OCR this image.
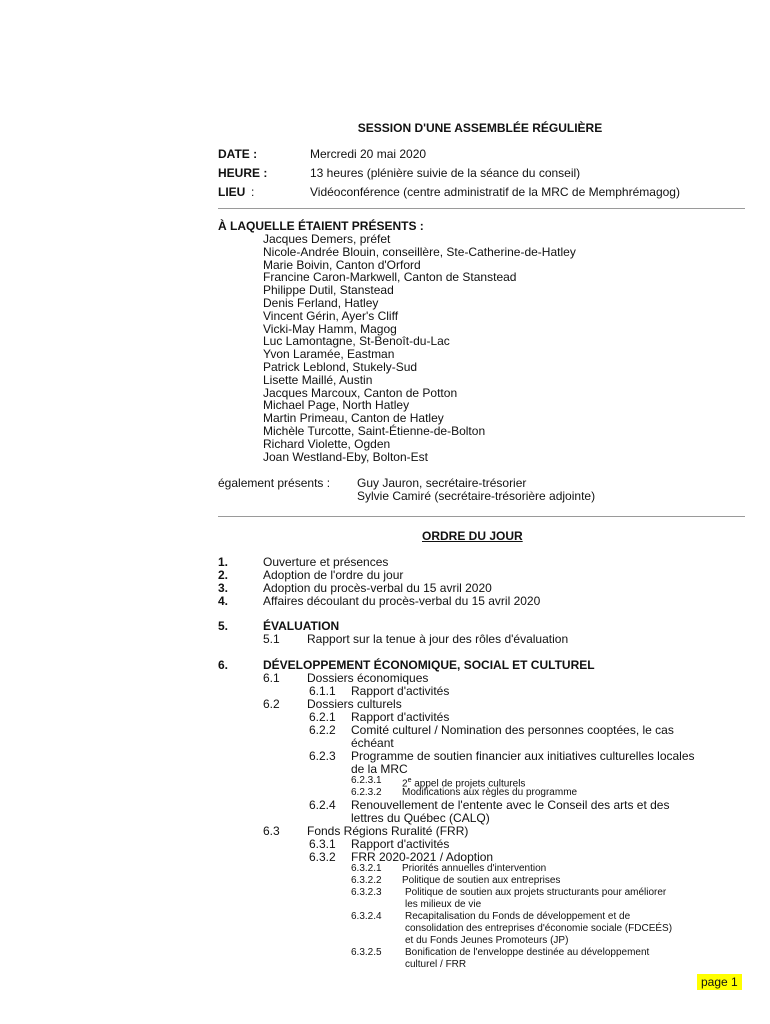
SESSION D'UNE ASSEMBLÉE RÉGULIÈRE
DATE :	Mercredi 20 mai 2020
HEURE :	13 heures (plénière suivie de la séance du conseil)
LIEU :	Vidéoconférence (centre administratif de la MRC de Memphrémagog)
À LAQUELLE ÉTAIENT PRÉSENTS :
Jacques Demers, préfet
Nicole-Andrée Blouin, conseillère, Ste-Catherine-de-Hatley
Marie Boivin, Canton d'Orford
Francine Caron-Markwell, Canton de Stanstead
Philippe Dutil, Stanstead
Denis Ferland, Hatley
Vincent Gérin, Ayer's Cliff
Vicki-May Hamm, Magog
Luc Lamontagne, St-Benoît-du-Lac
Yvon Laramée, Eastman
Patrick Leblond, Stukely-Sud
Lisette Maillé, Austin
Jacques Marcoux, Canton de Potton
Michael Page, North Hatley
Martin Primeau, Canton de Hatley
Michèle Turcotte, Saint-Étienne-de-Bolton
Richard Violette, Ogden
Joan Westland-Eby, Bolton-Est
également présents : Guy Jauron, secrétaire-trésorier
Sylvie Camiré (secrétaire-trésorière adjointe)
ORDRE DU JOUR
1.	Ouverture et présences
2.	Adoption de l'ordre du jour
3.	Adoption du procès-verbal du 15 avril 2020
4.	Affaires découlant du procès-verbal du 15 avril 2020
5.	ÉVALUATION
5.1 Rapport sur la tenue à jour des rôles d'évaluation
6.	DÉVELOPPEMENT ÉCONOMIQUE, SOCIAL ET CULTUREL
6.1 Dossiers économiques
6.1.1 Rapport d'activités
6.2 Dossiers culturels
6.2.1 Rapport d'activités
6.2.2 Comité culturel / Nomination des personnes cooptées, le cas
échéant
6.2.3 Programme de soutien financier aux initiatives culturelles locales
de la MRC
6.2.3.1 2e appel de projets culturels
6.2.3.2 Modifications aux règles du programme
6.2.4 Renouvellement de l'entente avec le Conseil des arts et des
lettres du Québec (CALQ)
6.3 Fonds Régions Ruralité (FRR)
6.3.1 Rapport d'activités
6.3.2 FRR 2020-2021 / Adoption
6.3.2.1 Priorités annuelles d'intervention
6.3.2.2 Politique de soutien aux entreprises
6.3.2.3 Politique de soutien aux projets structurants pour améliorer
les milieux de vie
6.3.2.4 Recapitalisation du Fonds de développement et de
consolidation des entreprises d'économie sociale (FDCEÉS)
et du Fonds Jeunes Promoteurs (JP)
6.3.2.5 Bonification de l'enveloppe destinée au développement
culturel / FRR
page 1
